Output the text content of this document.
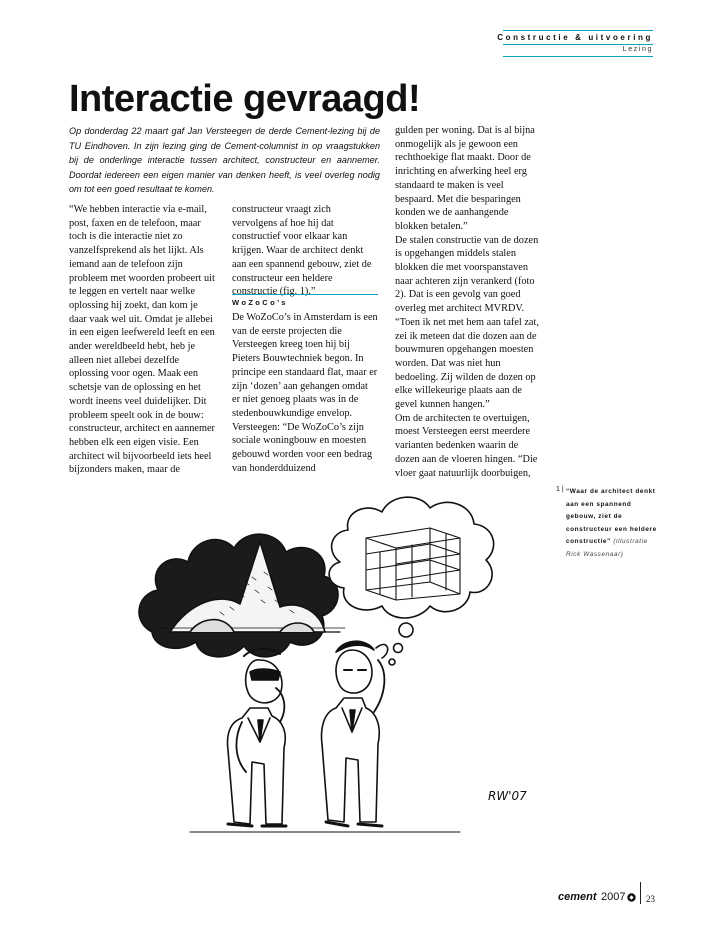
Constructie & uitvoering
Lezing
Interactie gevraagd!

Op donderdag 22 maart gaf Jan Versteegen de derde Cement-lezing bij de TU Eindhoven. In zijn lezing ging de Cement-columnist in op vraagstukken bij de onderlinge interactie tussen architect, constructeur en aannemer. Doordat iedereen een eigen manier van denken heeft, is veel overleg nodig om tot een goed resultaat te komen.

“We hebben interactie via e-mail, post, faxen en de telefoon, maar toch is die interactie niet zo vanzelfsprekend als het lijkt. Als iemand aan de telefoon zijn probleem met woorden probeert uit te leggen en vertelt naar welke oplossing hij zoekt, dan kom je daar vaak wel uit. Omdat je allebei in een eigen leefwereld leeft en een ander wereldbeeld hebt, heb je alleen niet allebei dezelfde oplossing voor ogen. Maak een schetsje van de oplossing en het wordt ineens veel duidelijker. Dit probleem speelt ook in de bouw: constructeur, architect en aannemer hebben elk een eigen visie. Een architect wil bijvoorbeeld iets heel bijzonders maken, maar de

constructeur vraagt zich vervolgens af hoe hij dat constructief voor elkaar kan krijgen. Waar de architect denkt aan een spannend gebouw, ziet de constructeur een heldere constructie (fig. 1).”

WoZoCo’s

De WoZoCo’s in Amsterdam is een van de eerste projecten die Versteegen kreeg toen hij bij Pieters Bouwtechniek begon. In principe een standaard flat, maar er zijn ‘dozen’ aan gehangen omdat er niet genoeg plaats was in de stedenbouwkundige envelop. Versteegen: “De WoZoCo’s zijn sociale woningbouw en moesten gebouwd worden voor een bedrag van honderdduizend

gulden per woning. Dat is al bijna onmogelijk als je gewoon een rechthoekige flat maakt. Door de inrichting en afwerking heel erg standaard te maken is veel bespaard. Met die besparingen konden we de aanhangende blokken betalen.”

De stalen constructie van de dozen is opgehangen middels stalen blokken die met voorspanstaven naar achteren zijn verankerd (foto 2). Dat is een gevolg van goed overleg met architect MVRDV. “Toen ik net met hem aan tafel zat, zei ik meteen dat die dozen aan de bouwmuren opgehangen moesten worden. Dat was niet hun bedoeling. Zij wilden de dozen op elke willekeurige plaats aan de gevel kunnen hangen.”

Om de architecten te overtuigen, moest Versteegen eerst meerdere varianten bedenken waarin de dozen aan de vloeren hingen. “Die vloer gaat natuurlijk doorbuigen,

1 | “Waar de architect denkt aan een spannend gebouw, ziet de constructeur een heldere constructie” (illustratie Rick Wassenaar)
RW'07
cement 2007 23
